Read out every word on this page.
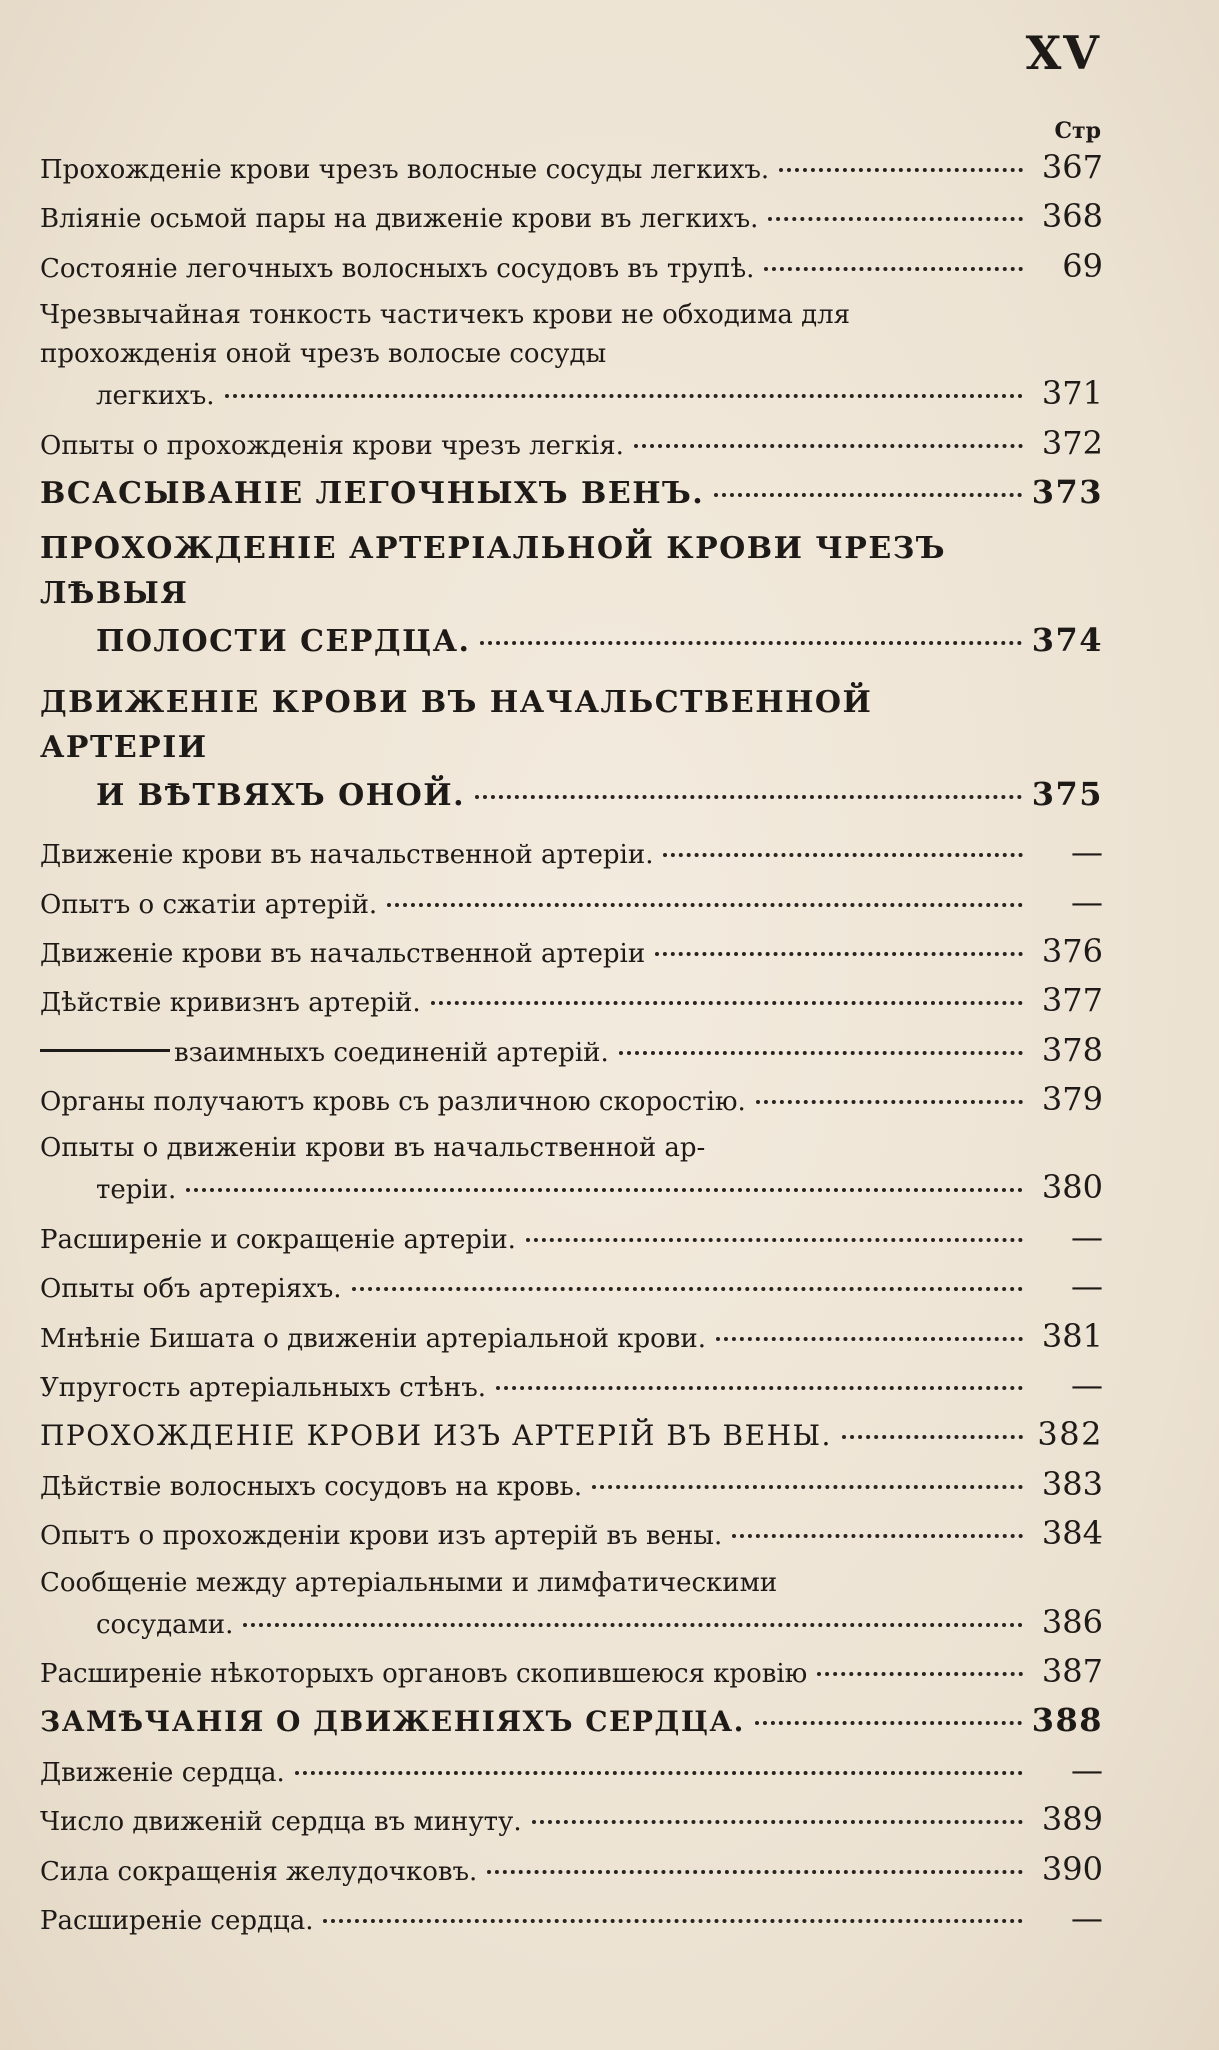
XV
Стр
Прохожденіе крови чрезъ волосные сосуды легкихъ.	367
Вліяніе осьмой пары на движеніе крови въ легкихъ.	368
Состояніе легочныхъ волосныхъ сосудовъ въ трупѣ.	69
Чрезвычайная тонкость частичекъ крови не обходима для прохожденія оной чрезъ волосые сосуды
легкихъ.	371
Опыты о прохожденія крови чрезъ легкія.	372
ВСАСЫВАНІЕ ЛЕГОЧНЫХЪ ВЕНЪ.	373
ПРОХОЖДЕНІЕ АРТЕРІАЛЬНОЙ КРОВИ ЧРЕЗЪ ЛѢВЫЯ
ПОЛОСТИ СЕРДЦА.	374
ДВИЖЕНІЕ КРОВИ ВЪ НАЧАЛЬСТВЕННОЙ АРТЕРІИ
И ВѢТВЯХЪ ОНОЙ.	375
Движеніе крови въ начальственной артеріи.	—
Опытъ о сжатіи артерій.	—
Движеніе крови въ начальственной артеріи	376
Дѣйствіе кривизнъ артерій.	377
взаимныхъ соединеній артерій.	378
Органы получаютъ кровь съ различною скоростію.	379
Опыты о движеніи крови въ начальственной ар-
теріи.	380
Расширеніе и сокращеніе артеріи.	—
Опыты объ артеріяхъ.	—
Мнѣніе Бишата о движеніи артеріальной крови.	381
Упругость артеріальныхъ стѣнъ.	—
ПРОХОЖДЕНІЕ КРОВИ ИЗЪ АРТЕРІЙ ВЪ ВЕНЫ.	382
Дѣйствіе волосныхъ сосудовъ на кровь.	383
Опытъ о прохожденіи крови изъ артерій въ вены.	384
Сообщеніе между артеріальными и лимфатическими
сосудами.	386
Расширеніе нѣкоторыхъ органовъ скопившеюся кровію	387
ЗАМѢЧАНІЯ О ДВИЖЕНІЯХЪ СЕРДЦА.	388
Движеніе сердца.	—
Число движеній сердца въ минуту.	389
Сила сокращенія желудочковъ.	390
Расширеніе сердца.	—
